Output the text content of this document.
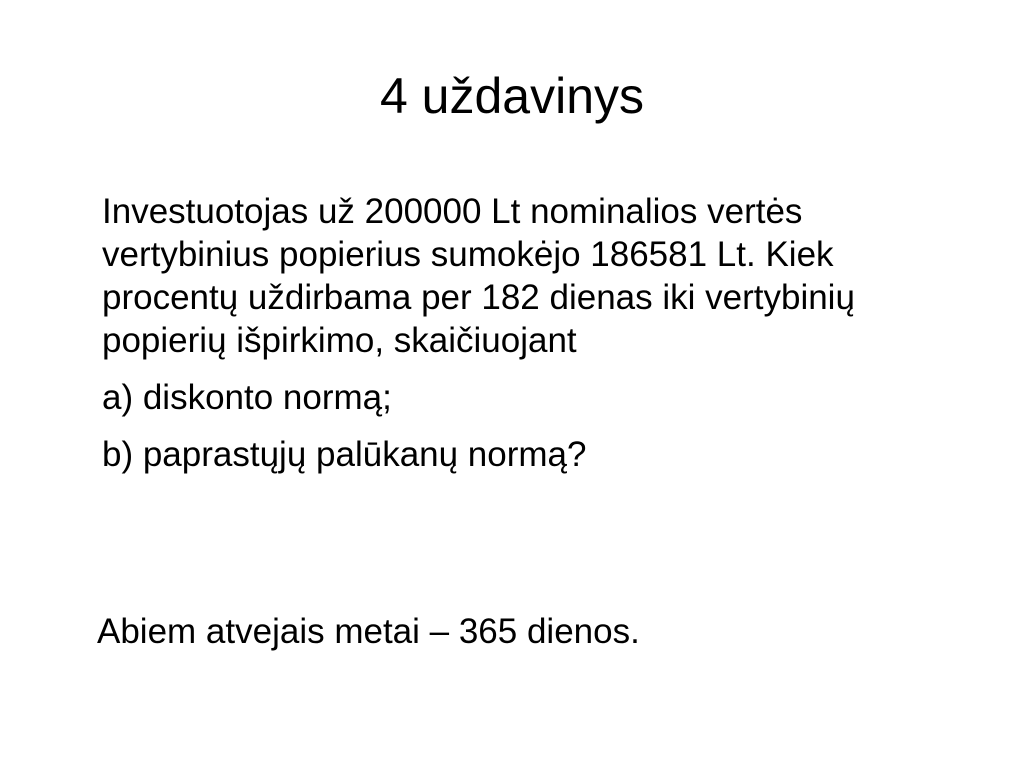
4 uždavinys

Investuotojas už 200000 Lt nominalios vertės vertybinius popierius sumokėjo 186581 Lt. Kiek procentų uždirbama per 182 dienas iki vertybinių popierių išpirkimo, skaičiuojant

a) diskonto normą;

b) paprastųjų palūkanų normą?

Abiem atvejais metai – 365 dienos.
